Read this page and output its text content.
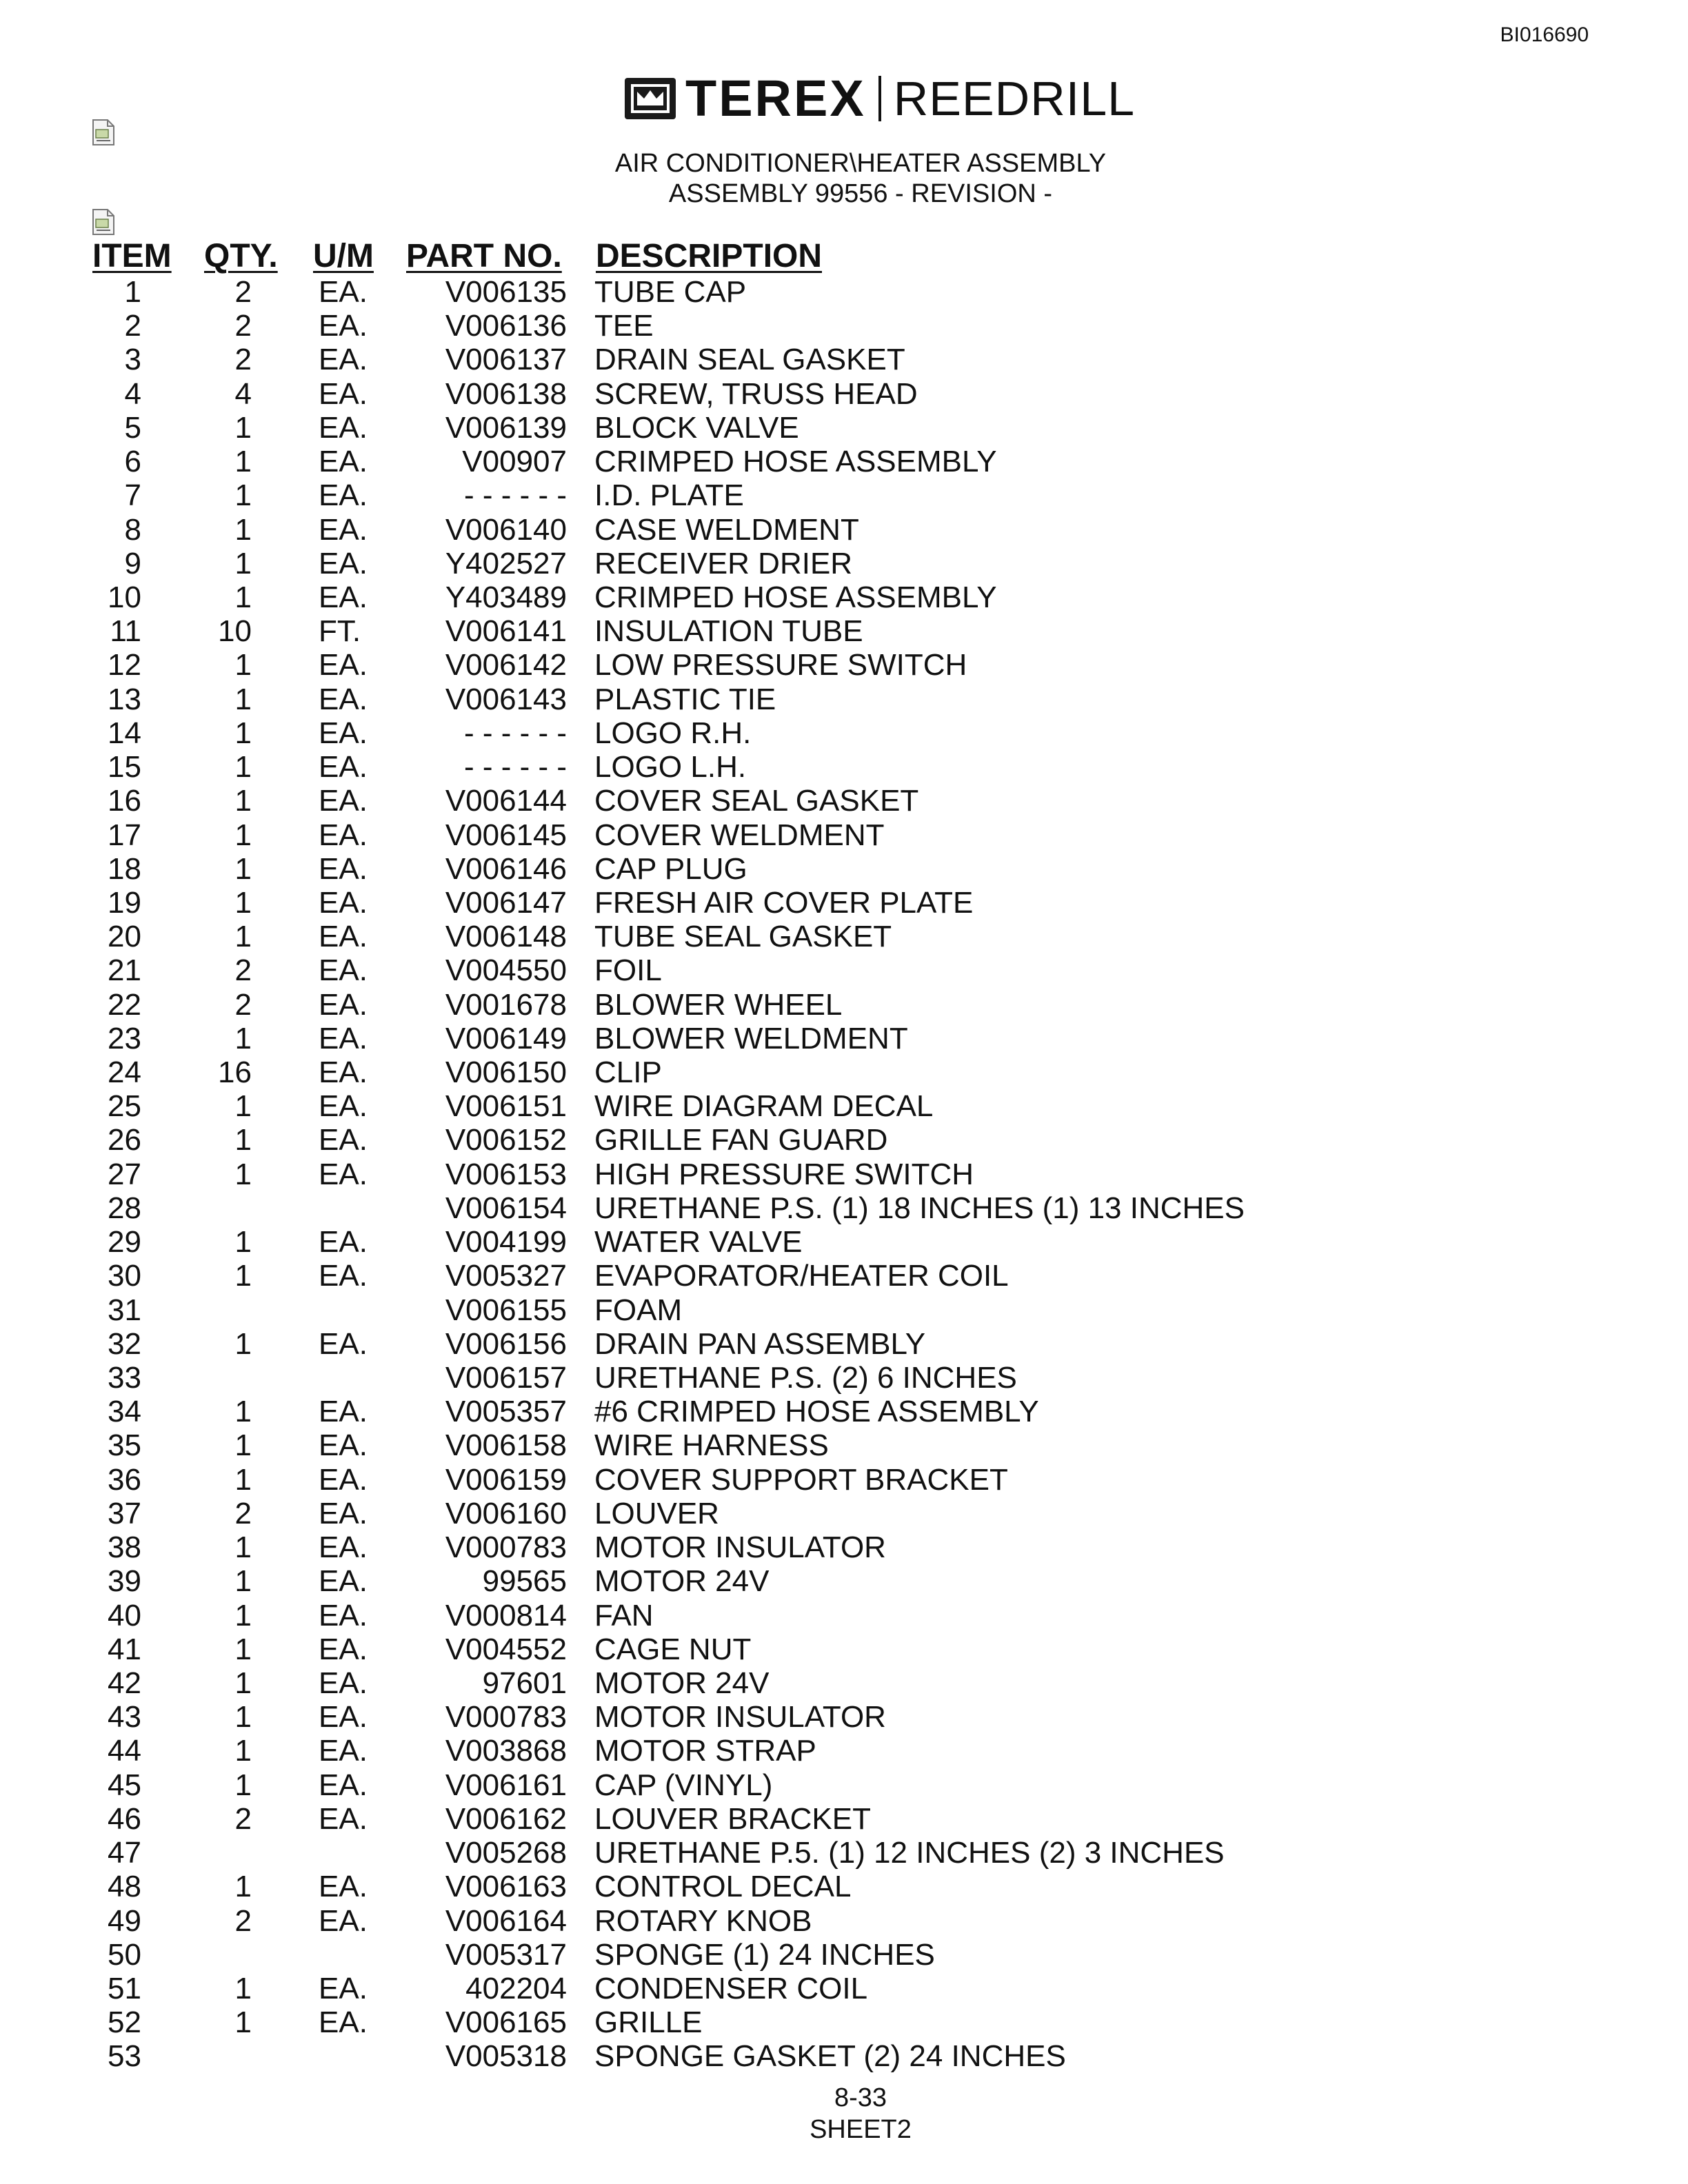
BI016690
TEREX REEDRILL
AIR CONDITIONER\HEATER ASSEMBLY
ASSEMBLY 99556 - REVISION -
ITEM QTY. U/M PART NO. DESCRIPTION
1	2 EA.	V006135 TUBE CAP
2	2 EA.	V006136 TEE
3	2 EA.	V006137 DRAIN SEAL GASKET
4	4 EA.	V006138 SCREW, TRUSS HEAD
5	1 EA.	V006139 BLOCK VALVE
6	1 EA.	V00907 CRIMPED HOSE ASSEMBLY
7	1 EA.	- - - - - - I.D. PLATE
8	1 EA.	V006140 CASE WELDMENT
9	1 EA.	Y402527 RECEIVER DRIER
10	1 EA.	Y403489 CRIMPED HOSE ASSEMBLY
11	10 FT.	V006141 INSULATION TUBE
12	1 EA.	V006142 LOW PRESSURE SWITCH
13	1 EA.	V006143 PLASTIC TIE
14	1 EA.	- - - - - - LOGO R.H.
15	1 EA.	- - - - - - LOGO L.H.
16	1 EA.	V006144 COVER SEAL GASKET
17	1 EA.	V006145 COVER WELDMENT
18	1 EA.	V006146 CAP PLUG
19	1 EA.	V006147 FRESH AIR COVER PLATE
20	1 EA.	V006148 TUBE SEAL GASKET
21	2 EA.	V004550 FOIL
22	2 EA.	V001678 BLOWER WHEEL
23	1 EA.	V006149 BLOWER WELDMENT
24	16 EA.	V006150 CLIP
25	1 EA.	V006151 WIRE DIAGRAM DECAL
26	1 EA.	V006152 GRILLE FAN GUARD
27	1 EA.	V006153 HIGH PRESSURE SWITCH
28	V006154 URETHANE P.S. (1) 18 INCHES (1) 13 INCHES
29	1 EA.	V004199 WATER VALVE
30	1 EA.	V005327 EVAPORATOR/HEATER COIL
31	V006155 FOAM
32	1 EA.	V006156 DRAIN PAN ASSEMBLY
33	V006157 URETHANE P.S. (2) 6 INCHES
34	1 EA.	V005357 #6 CRIMPED HOSE ASSEMBLY
35	1 EA.	V006158 WIRE HARNESS
36	1 EA.	V006159 COVER SUPPORT BRACKET
37	2 EA.	V006160 LOUVER
38	1 EA.	V000783 MOTOR INSULATOR
39	1 EA.	99565 MOTOR 24V
40	1 EA.	V000814 FAN
41	1 EA.	V004552 CAGE NUT
42	1 EA.	97601 MOTOR 24V
43	1 EA.	V000783 MOTOR INSULATOR
44	1 EA.	V003868 MOTOR STRAP
45	1 EA.	V006161 CAP (VINYL)
46	2 EA.	V006162 LOUVER BRACKET
47	V005268 URETHANE P.5. (1) 12 INCHES (2) 3 INCHES
48	1 EA.	V006163 CONTROL DECAL
49	2 EA.	V006164 ROTARY KNOB
50	V005317 SPONGE (1) 24 INCHES
51	1 EA.	402204 CONDENSER COIL
52	1 EA.	V006165 GRILLE
53	V005318 SPONGE GASKET (2) 24 INCHES
8-33
SHEET2
